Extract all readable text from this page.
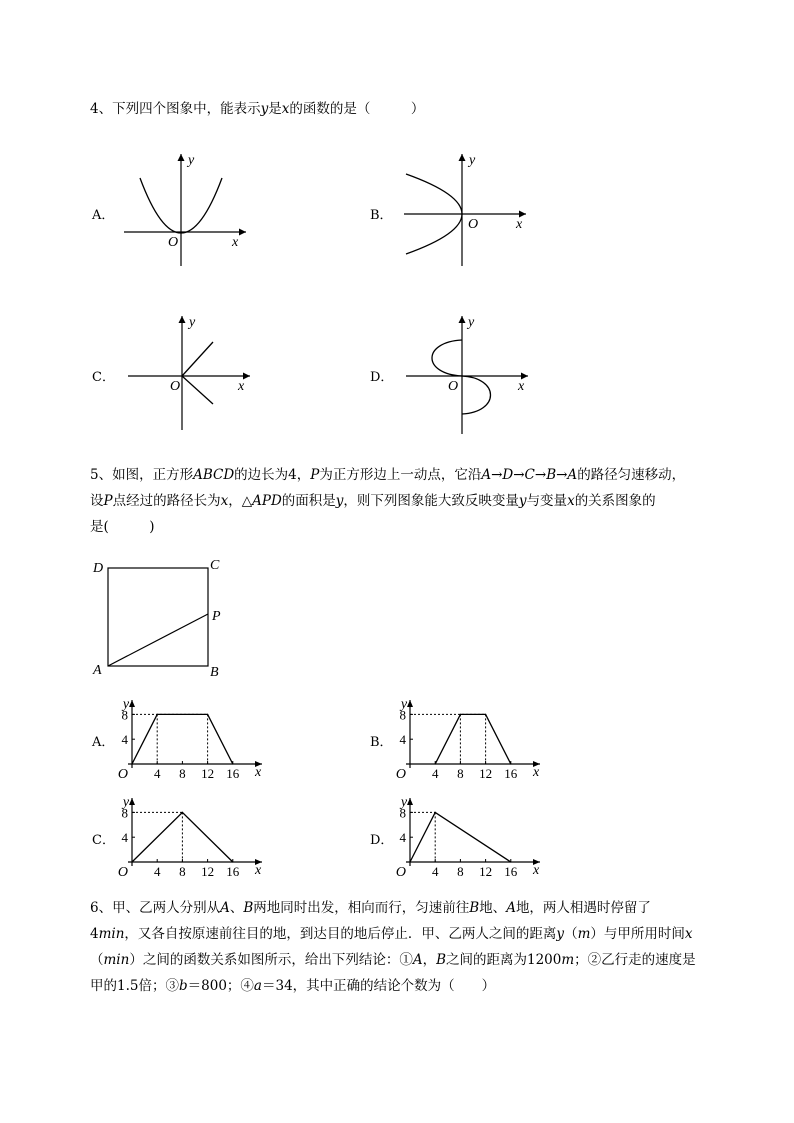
4、下列四个图象中，能表示y是x的函数的是（　　　）
A．	B．
C．	D．
y
x
O
y
x
O
y
x
O
y
x
O
5、如图，正方形ABCD的边长为4，P为正方形边上一动点，它沿A→D→C→B→A的路径匀速移动，
设P点经过的路径长为x，△APD的面积是y，则下列图象能大致反映变量y与变量x的关系图象的
是(　　　)
D	C
P
A	B
A．	B．
C．	D．
4 8 12 16
4
8
y
x
O	4 8 12 16
4
8
y
x
O
4 8 12 16
4
8
y
x
O	4 8 12 16
4
8
y
x
O
6、甲、乙两人分别从A、B两地同时出发，相向而行，匀速前往B地、A地，两人相遇时停留了
4min，又各自按原速前往目的地，到达目的地后停止．甲、乙两人之间的距离y（m）与甲所用时间x
（min）之间的函数关系如图所示，给出下列结论：①A，B之间的距离为1200m；②乙行走的速度是
甲的1.5倍；③b＝800；④a＝34，其中正确的结论个数为（　　）
